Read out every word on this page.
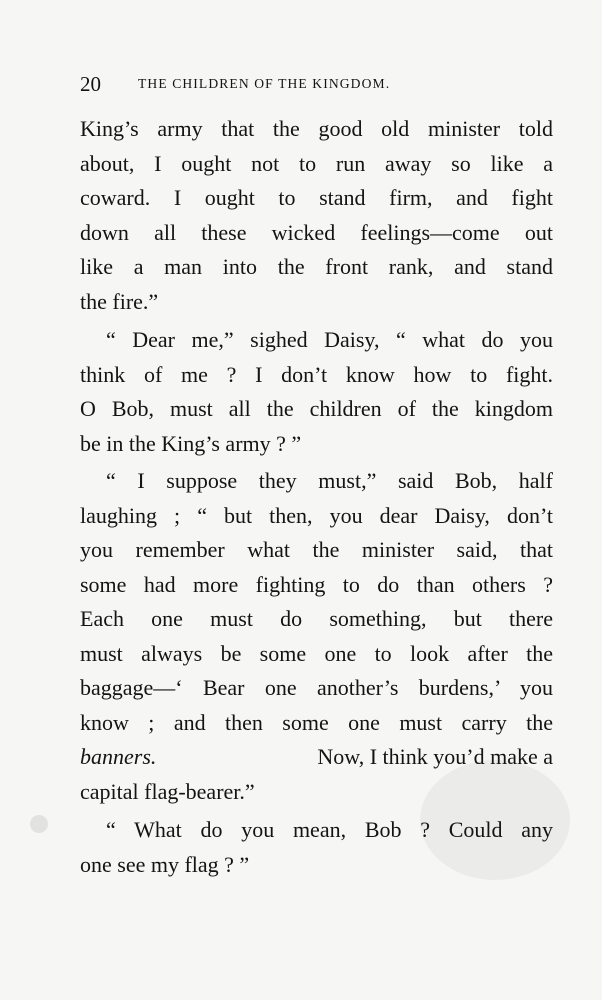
20	THE CHILDREN OF THE KINGDOM.
King’s army that the good old minister told
about, I ought not to run away so like a
coward. I ought to stand firm, and fight
down all these wicked feelings—come out
like a man into the front rank, and stand
the fire.”
“ Dear me,” sighed Daisy, “ what do you
think of me ? I don’t know how to fight.
O Bob, must all the children of the kingdom
be in the King’s army ? ”
“ I suppose they must,” said Bob, half
laughing ; “ but then, you dear Daisy, don’t
you remember what the minister said, that
some had more fighting to do than others ?
Each one must do something, but there
must always be some one to look after the
baggage—‘ Bear one another’s burdens,’ you
know ; and then some one must carry the
banners.	Now, I think you’d make a
capital flag-bearer.”
“ What do you mean, Bob ? Could any
one see my flag ? ”
